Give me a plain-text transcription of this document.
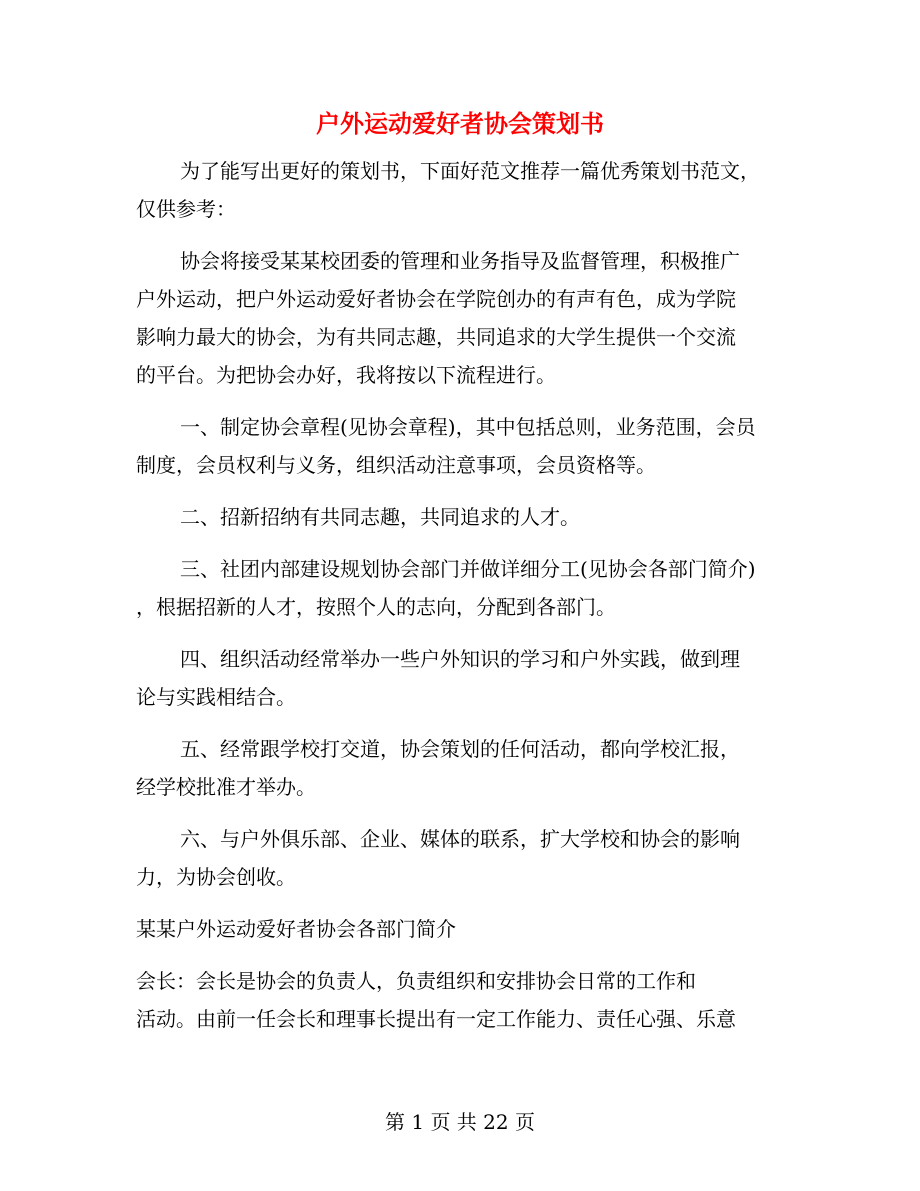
户外运动爱好者协会策划书

为了能写出更好的策划书，下面好范文推荐一篇优秀策划书范文，
仅供参考：

协会将接受某某校团委的管理和业务指导及监督管理，积极推广
户外运动，把户外运动爱好者协会在学院创办的有声有色，成为学院
影响力最大的协会，为有共同志趣，共同追求的大学生提供一个交流
的平台。为把协会办好，我将按以下流程进行。

一、制定协会章程(见协会章程)，其中包括总则，业务范围，会员
制度，会员权利与义务，组织活动注意事项，会员资格等。

二、招新招纳有共同志趣，共同追求的人才。

三、社团内部建设规划协会部门并做详细分工(见协会各部门简介)
，根据招新的人才，按照个人的志向，分配到各部门。

四、组织活动经常举办一些户外知识的学习和户外实践，做到理
论与实践相结合。

五、经常跟学校打交道，协会策划的任何活动，都向学校汇报，
经学校批准才举办。

六、与户外俱乐部、企业、媒体的联系，扩大学校和协会的影响
力，为协会创收。

某某户外运动爱好者协会各部门简介

会长：会长是协会的负责人，负责组织和安排协会日常的工作和
活动。由前一任会长和理事长提出有一定工作能力、责任心强、乐意

第 1 页 共 22 页
